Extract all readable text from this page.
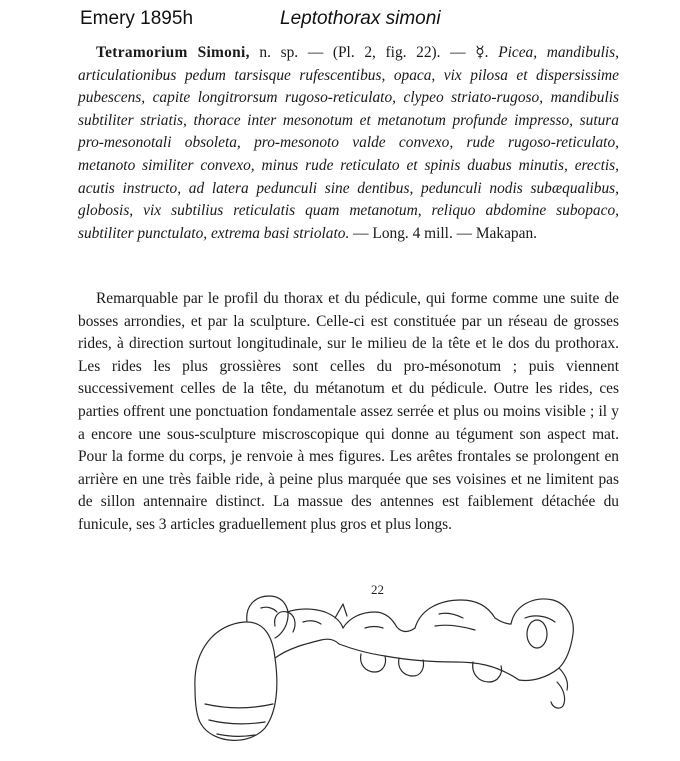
Emery 1895h	Leptothorax simoni

Tetramorium Simoni, n. sp. — (Pl. 2, fig. 22). — ☿. Picea, mandibulis, articulationibus pedum tarsisque rufescentibus, opaca, vix pilosa et dispersissime pubescens, capite longitrorsum rugoso-reticulato, clypeo striato-rugoso, mandibulis subtiliter striatis, thorace inter mesonotum et metanotum profunde impresso, sutura pro-mesonotali obsoleta, pro-mesonoto valde convexo, rude rugoso-reticulato, metanoto similiter convexo, minus rude reticulato et spinis duabus minutis, erectis, acutis instructo, ad latera pedunculi sine dentibus, pedunculi nodis subæqualibus, globosis, vix subtilius reticulatis quam metanotum, reliquo abdomine subopaco, subtiliter punctulato, extrema basi striolato. — Long. 4 mill. — Makapan.

Remarquable par le profil du thorax et du pédicule, qui forme comme une suite de bosses arrondies, et par la sculpture. Celle-ci est constituée par un réseau de grosses rides, à direction surtout longitudinale, sur le milieu de la tête et le dos du prothorax. Les rides les plus grossières sont celles du pro-mésonotum ; puis viennent successivement celles de la tête, du métanotum et du pédicule. Outre les rides, ces parties offrent une ponctuation fondamentale assez serrée et plus ou moins visible ; il y a encore une sous-sculpture miscroscopique qui donne au tégument son aspect mat. Pour la forme du corps, je renvoie à mes figures. Les arêtes frontales se prolongent en arrière en une très faible ride, à peine plus marquée que ses voisines et ne limitent pas de sillon antennaire distinct. La massue des antennes est faiblement détachée du funicule, ses 3 articles graduellement plus gros et plus longs.

22
